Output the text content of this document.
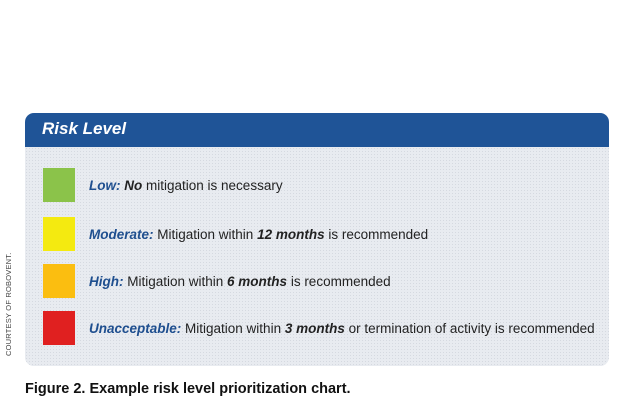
COURTESY OF ROBOVENT.
Risk Level
Low: No mitigation is necessary
Moderate: Mitigation within 12 months is recommended
High: Mitigation within 6 months is recommended
Unacceptable: Mitigation within 3 months or termination of activity is recommended
Figure 2. Example risk level prioritization chart.
